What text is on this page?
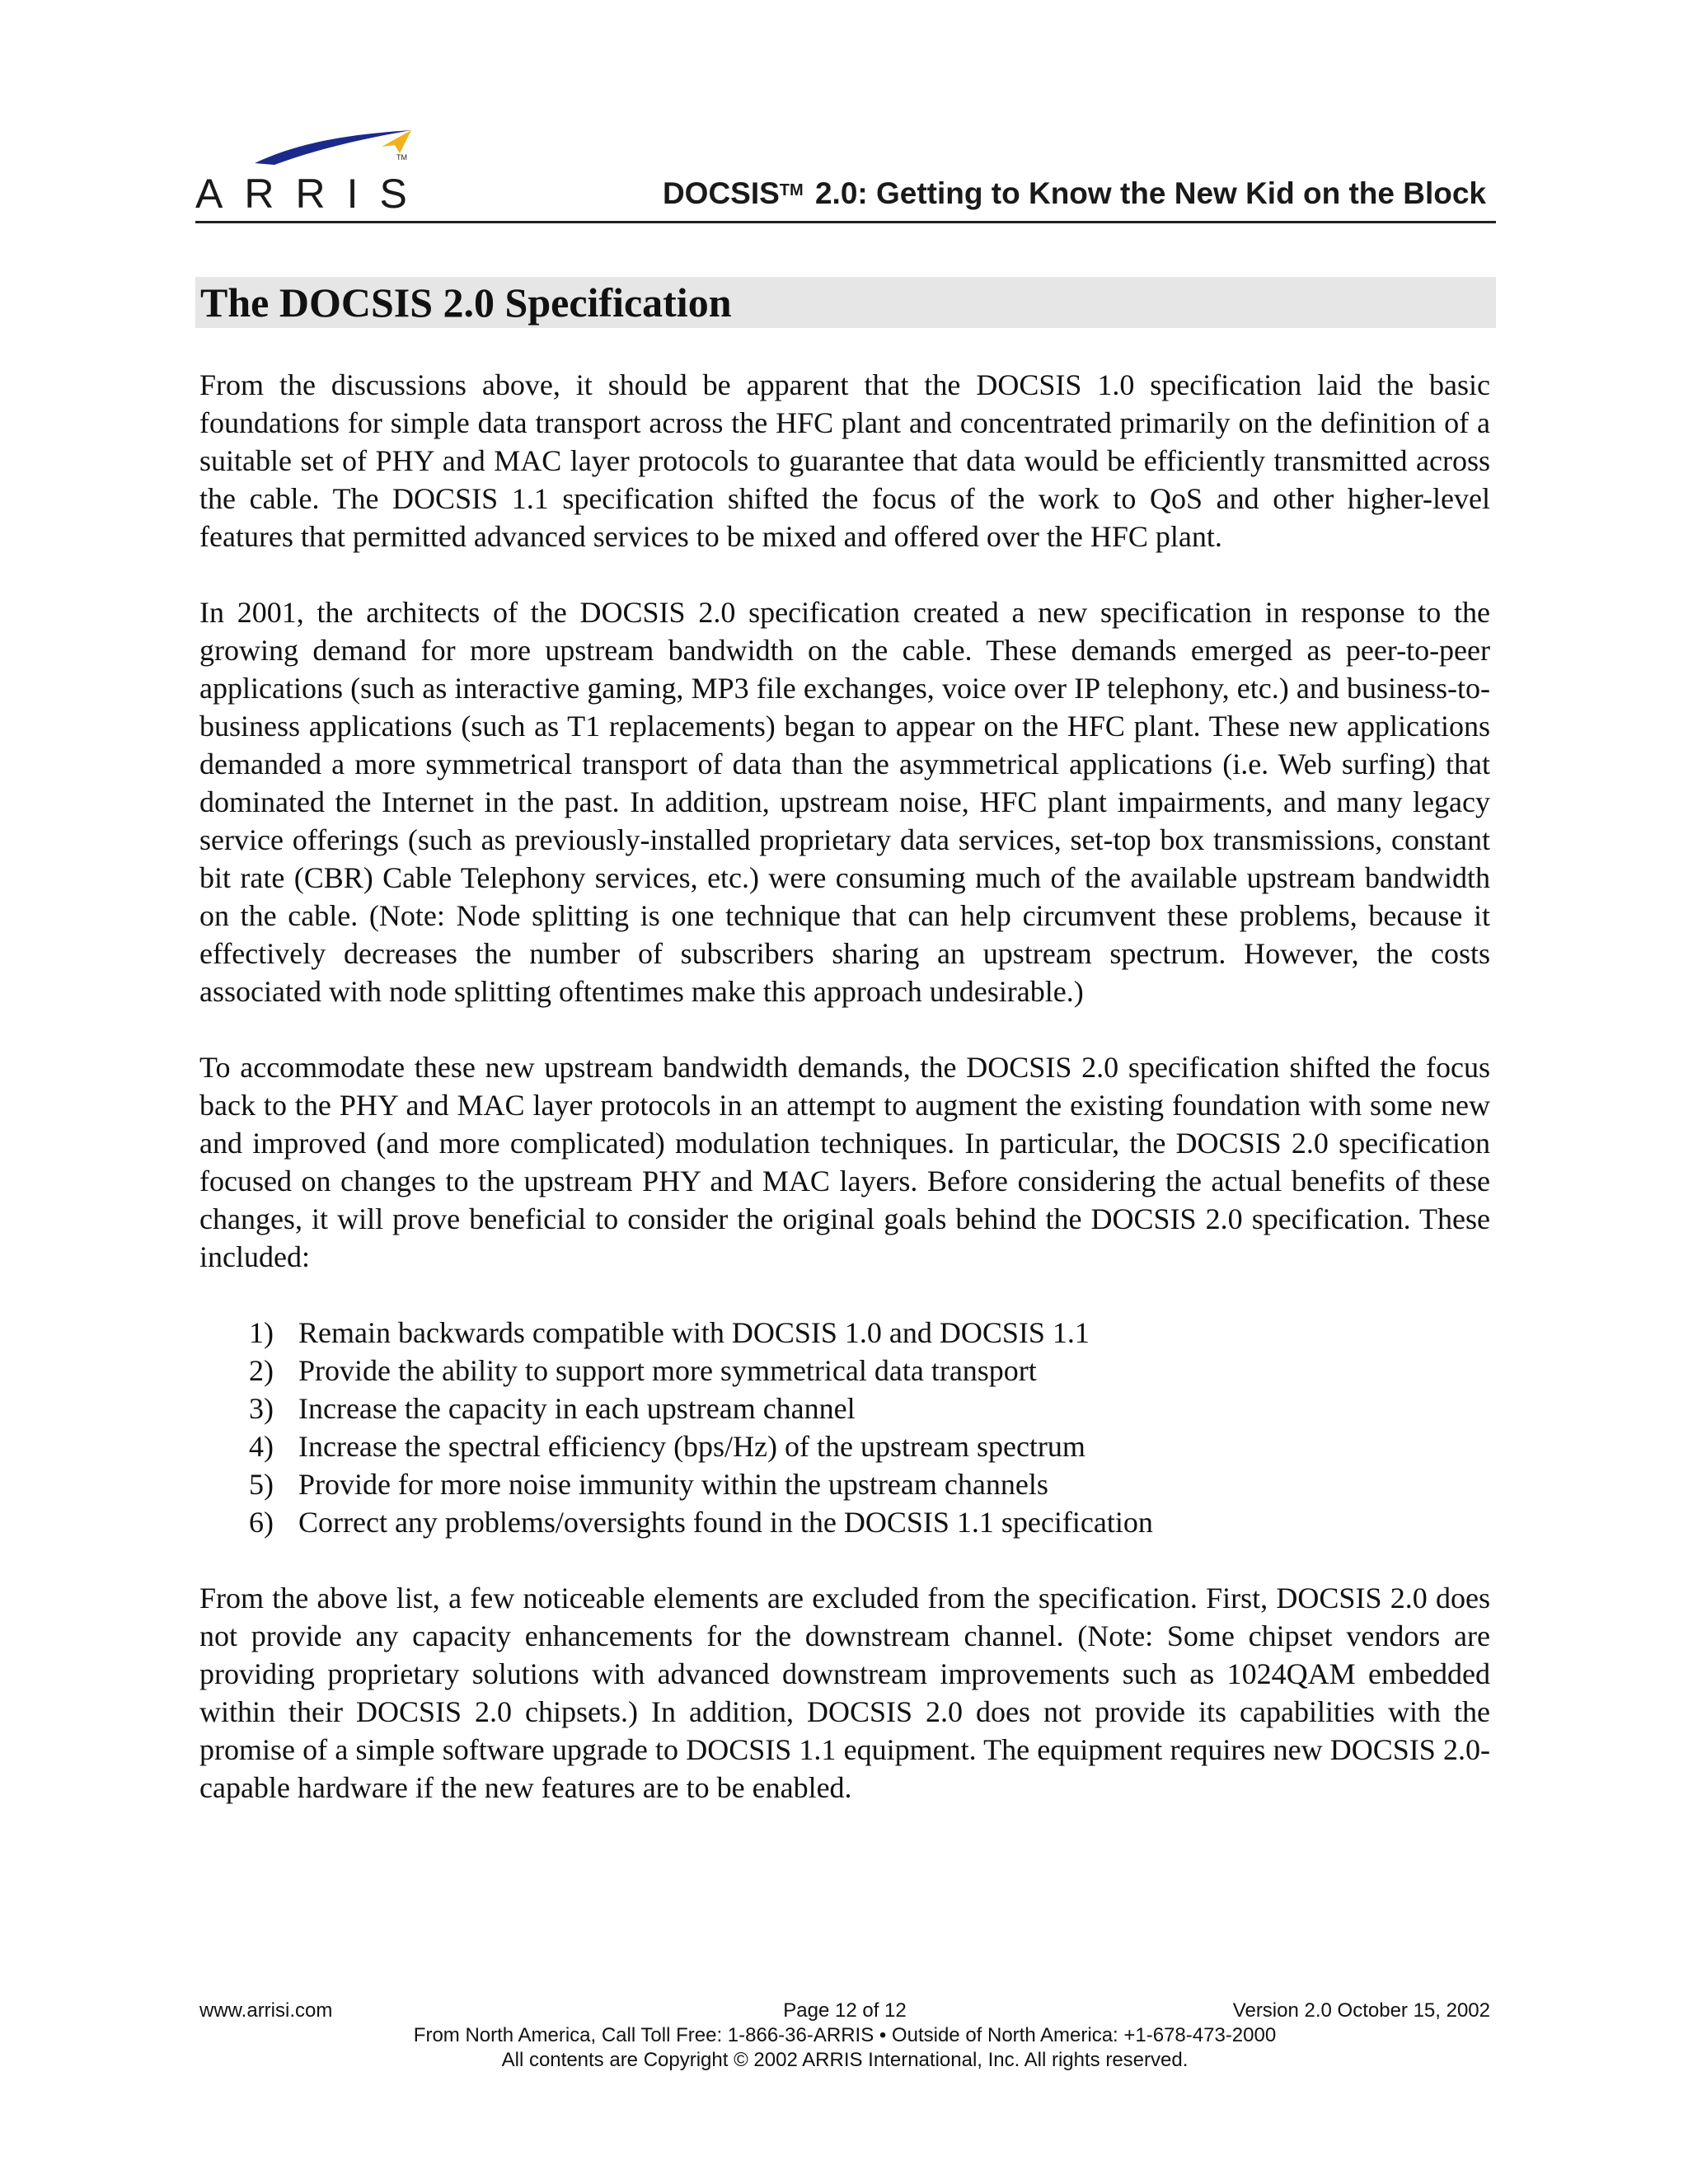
TM
ARRIS	DOCSIS™ 2.0: Getting to Know the New Kid on the Block
The DOCSIS 2.0 Specification

From the discussions above, it should be apparent that the DOCSIS 1.0 specification laid the basic foundations for simple data transport across the HFC plant and concentrated primarily on the definition of a suitable set of PHY and MAC layer protocols to guarantee that data would be efficiently transmitted across the cable. The DOCSIS 1.1 specification shifted the focus of the work to QoS and other higher-level features that permitted advanced services to be mixed and offered over the HFC plant.

In 2001, the architects of the DOCSIS 2.0 specification created a new specification in response to the growing demand for more upstream bandwidth on the cable. These demands emerged as peer-to-peer applications (such as interactive gaming, MP3 file exchanges, voice over IP telephony, etc.) and business-to-business applications (such as T1 replacements) began to appear on the HFC plant. These new applications demanded a more symmetrical transport of data than the asymmetrical applications (i.e. Web surfing) that dominated the Internet in the past. In addition, upstream noise, HFC plant impairments, and many legacy service offerings (such as previously-installed proprietary data services, set-top box transmissions, constant bit rate (CBR) Cable Telephony services, etc.) were consuming much of the available upstream bandwidth on the cable. (Note: Node splitting is one technique that can help circumvent these problems, because it effectively decreases the number of subscribers sharing an upstream spectrum. However, the costs associated with node splitting oftentimes make this approach undesirable.)

To accommodate these new upstream bandwidth demands, the DOCSIS 2.0 specification shifted the focus back to the PHY and MAC layer protocols in an attempt to augment the existing foundation with some new and improved (and more complicated) modulation techniques. In particular, the DOCSIS 2.0 specification focused on changes to the upstream PHY and MAC layers. Before considering the actual benefits of these changes, it will prove beneficial to consider the original goals behind the DOCSIS 2.0 specification. These included:

1) Remain backwards compatible with DOCSIS 1.0 and DOCSIS 1.1
2) Provide the ability to support more symmetrical data transport
3) Increase the capacity in each upstream channel
4) Increase the spectral efficiency (bps/Hz) of the upstream spectrum
5) Provide for more noise immunity within the upstream channels
6) Correct any problems/oversights found in the DOCSIS 1.1 specification

From the above list, a few noticeable elements are excluded from the specification. First, DOCSIS 2.0 does not provide any capacity enhancements for the downstream channel. (Note: Some chipset vendors are providing proprietary solutions with advanced downstream improvements such as 1024QAM embedded within their DOCSIS 2.0 chipsets.) In addition, DOCSIS 2.0 does not provide its capabilities with the promise of a simple software upgrade to DOCSIS 1.1 equipment. The equipment requires new DOCSIS 2.0-capable hardware if the new features are to be enabled.

www.arrisi.com	Page 12 of 12	Version 2.0 October 15, 2002
From North America, Call Toll Free: 1-866-36-ARRIS • Outside of North America: +1-678-473-2000
All contents are Copyright © 2002 ARRIS International, Inc. All rights reserved.
